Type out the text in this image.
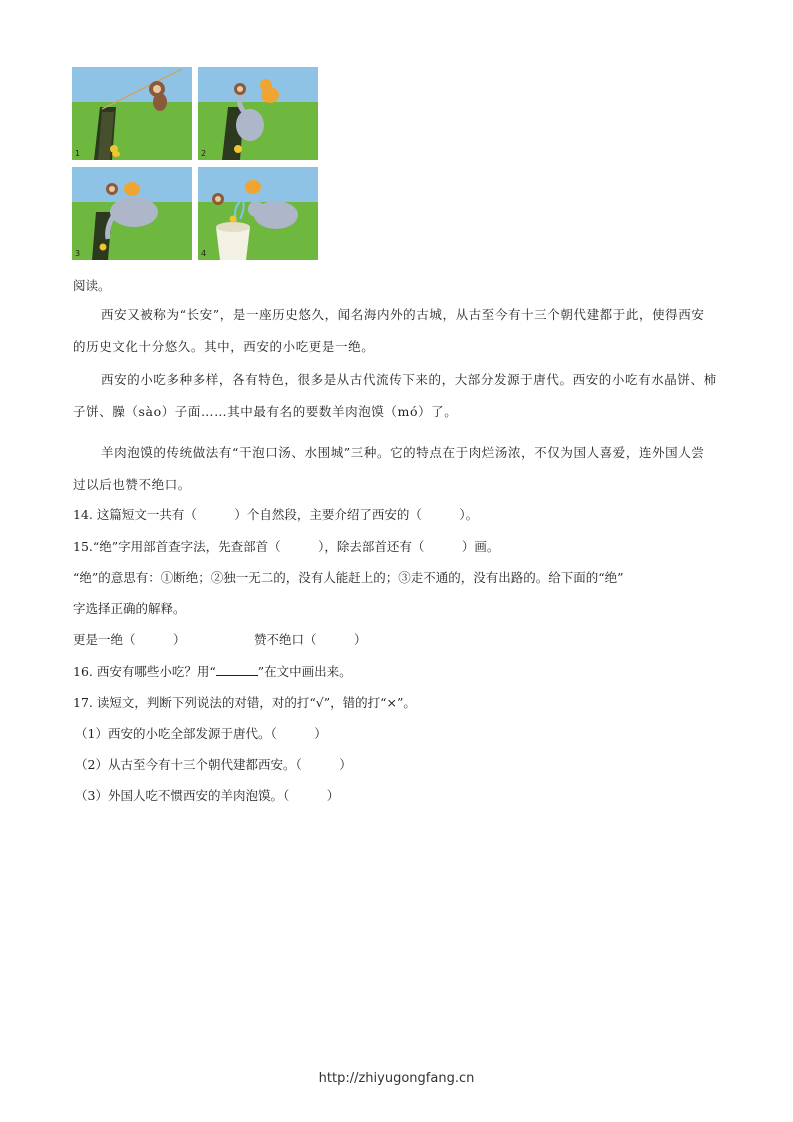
1	2
3	4
阅读。
西安又被称为“长安”，是一座历史悠久，闻名海内外的古城，从古至今有十三个朝代建都于此，使得西安的历史文化十分悠久。其中，西安的小吃更是一绝。
西安的小吃多种多样，各有特色，很多是从古代流传下来的，大部分发源于唐代。西安的小吃有水晶饼、柿子饼、臊（sào）子面……其中最有名的要数羊肉泡馍（mó）了。
羊肉泡馍的传统做法有“干泡口汤、水围城”三种。它的特点在于肉烂汤浓，不仅为国人喜爱，连外国人尝过以后也赞不绝口。
14. 这篇短文一共有（　　　）个自然段，主要介绍了西安的（　　　）。
15.“绝”字用部首查字法，先查部首（　　　），除去部首还有（　　　）画。
“绝”的意思有：①断绝；②独一无二的，没有人能赶上的；③走不通的，没有出路的。给下面的“绝”
字选择正确的解释。
更是一绝（　　　）	赞不绝口（　　　）
16. 西安有哪些小吃？用“	”在文中画出来。
17. 读短文，判断下列说法的对错，对的打“√”，错的打“×”。
（1）西安的小吃全部发源于唐代。（　　　）
（2）从古至今有十三个朝代建都西安。（　　　）
（3）外国人吃不惯西安的羊肉泡馍。（　　　）
http://zhiyugongfang.cn
